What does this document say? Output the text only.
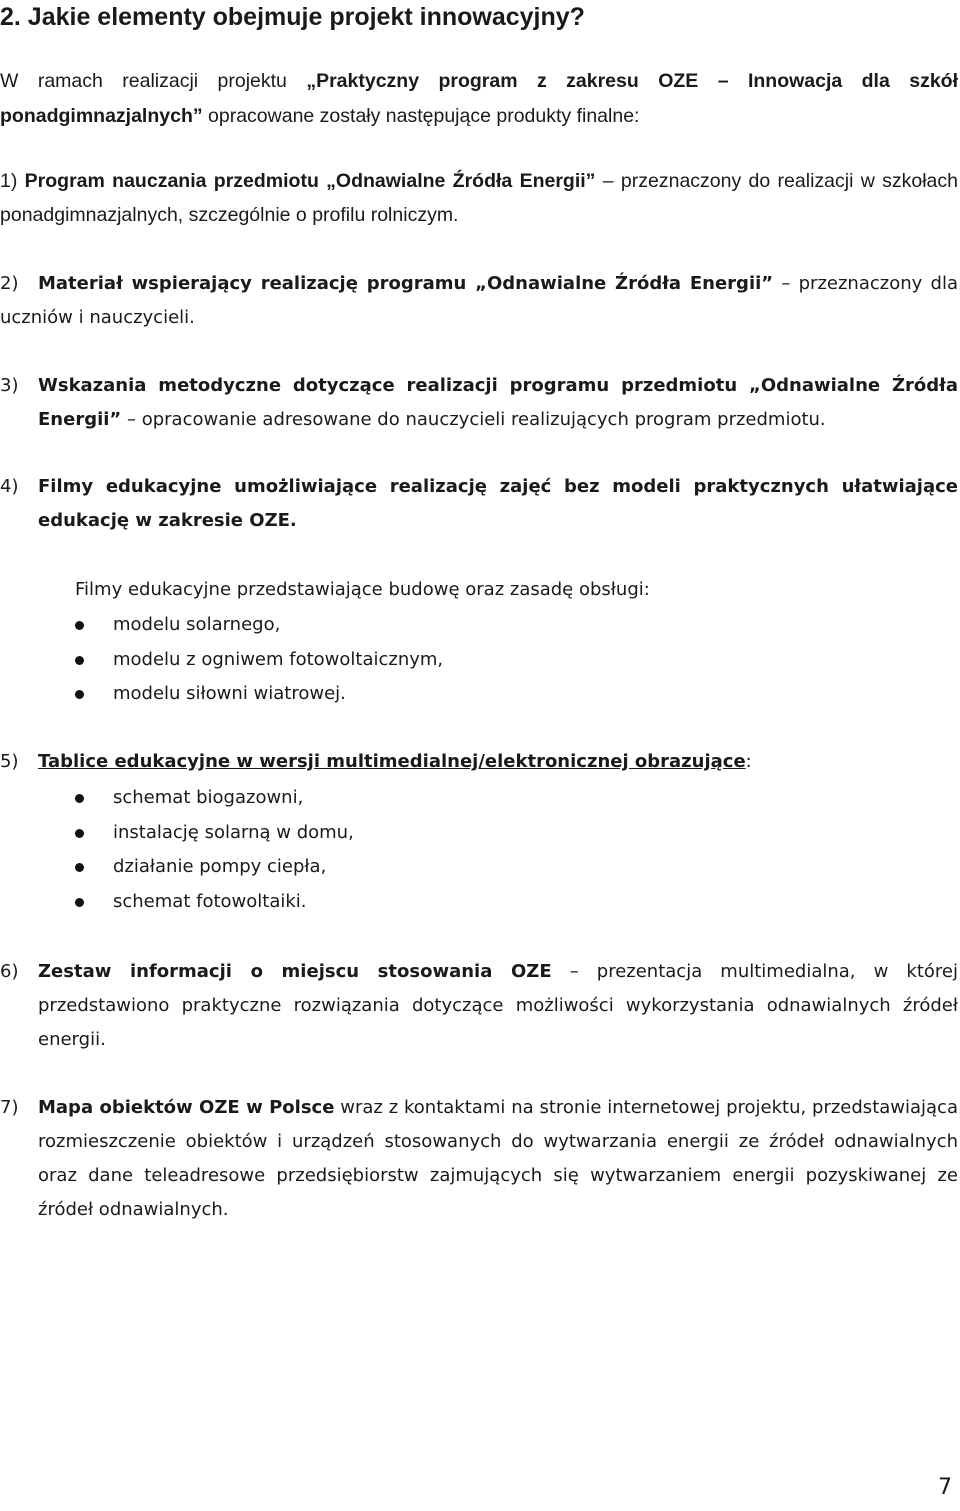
2. Jakie elementy obejmuje projekt innowacyjny?
W ramach realizacji projektu „Praktyczny program z zakresu OZE – Innowacja dla szkół ponadgimnazjalnych” opracowane zostały następujące produkty finalne:
1) Program nauczania przedmiotu „Odnawialne Źródła Energii” – przeznaczony do realizacji w szkołach ponadgimnazjalnych, szczególnie o profilu rolniczym.
2) Materiał wspierający realizację programu „Odnawialne Źródła Energii” – przeznaczony dla uczniów i nauczycieli.
3) Wskazania metodyczne dotyczące realizacji programu przedmiotu „Odnawialne Źródła Energii” – opracowanie adresowane do nauczycieli realizujących program przedmiotu.
4) Filmy edukacyjne umożliwiające realizację zajęć bez modeli praktycznych ułatwiające edukację w zakresie OZE.
Filmy edukacyjne przedstawiające budowę oraz zasadę obsługi:
modelu solarnego,
modelu z ogniwem fotowoltaicznym,
modelu siłowni wiatrowej.
5) Tablice edukacyjne w wersji multimedialnej/elektronicznej obrazujące:
schemat biogazowni,
instalację solarną w domu,
działanie pompy ciepła,
schemat fotowoltaiki.
6) Zestaw informacji o miejscu stosowania OZE – prezentacja multimedialna, w której przedstawiono praktyczne rozwiązania dotyczące możliwości wykorzystania odnawialnych źródeł energii.
7) Mapa obiektów OZE w Polsce wraz z kontaktami na stronie internetowej projektu, przedstawiająca rozmieszczenie obiektów i urządzeń stosowanych do wytwarzania energii ze źródeł odnawialnych oraz dane teleadresowe przedsiębiorstw zajmujących się wytwarzaniem energii pozyskiwanej ze źródeł odnawialnych.
7
